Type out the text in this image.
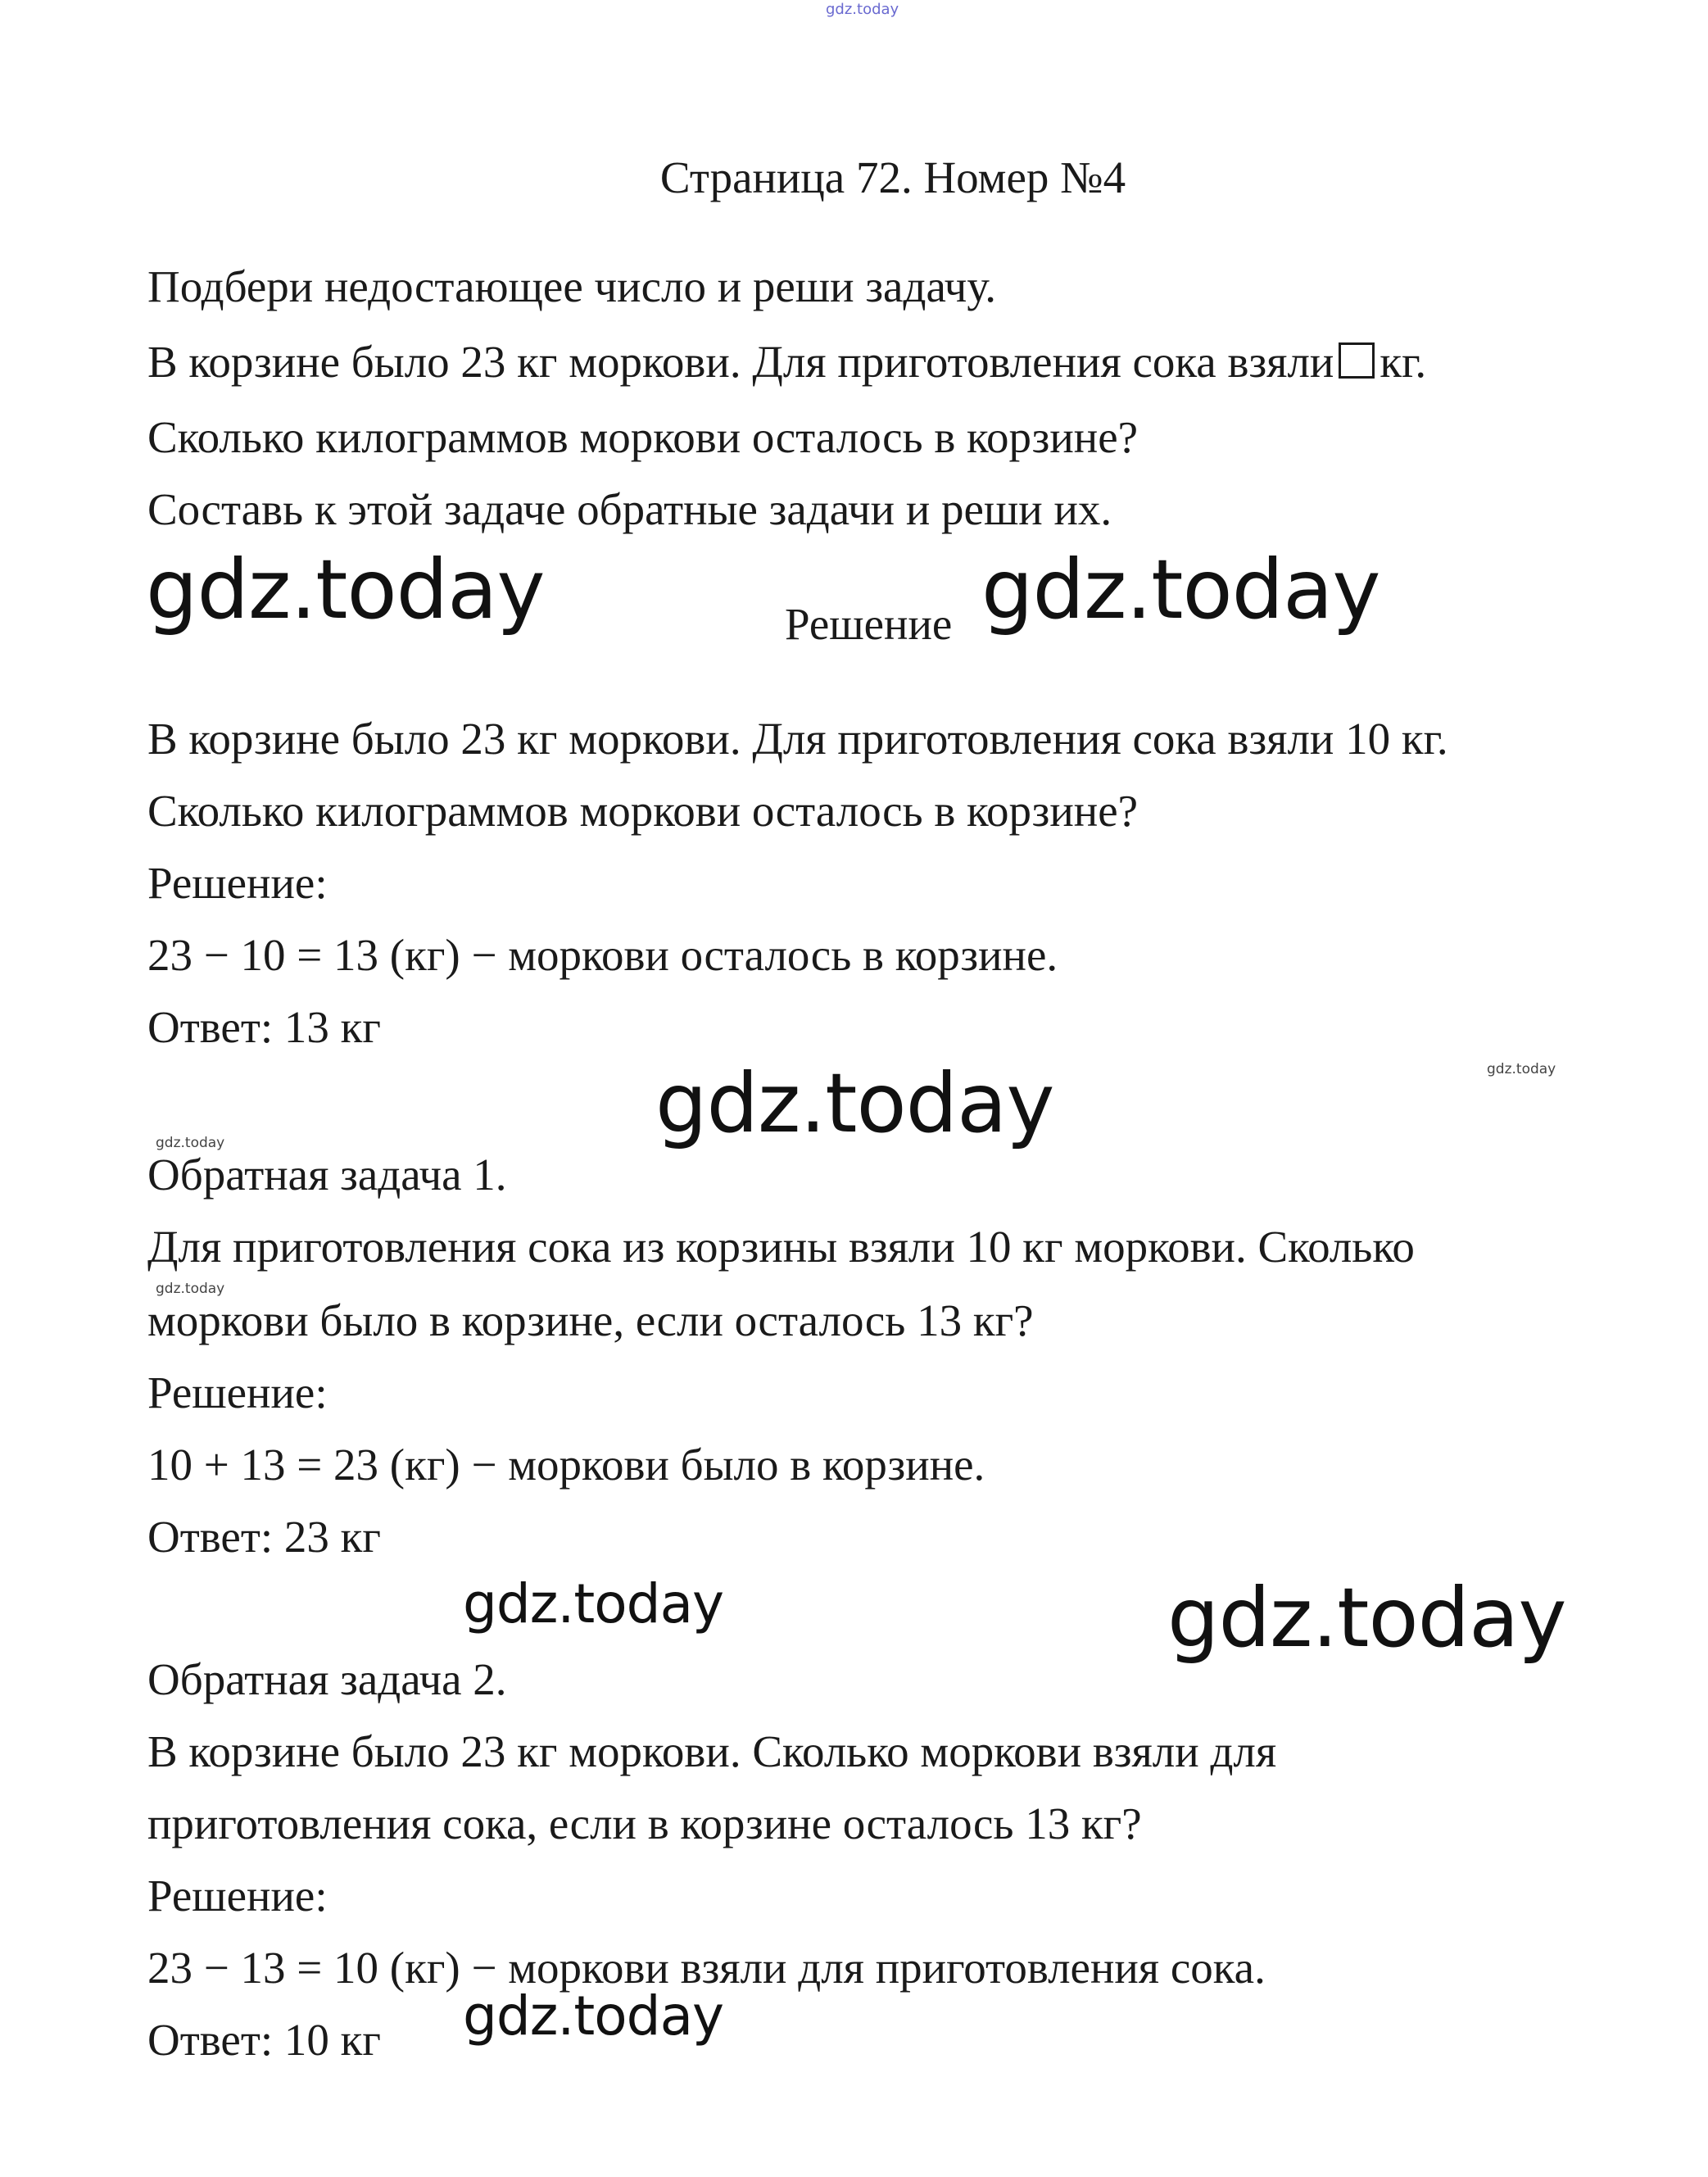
gdz.today
Страница 72. Номер №4
Подбери недостающее число и реши задачу.
В корзине было 23 кг моркови. Для приготовления сока взяли кг.
Сколько килограммов моркови осталось в корзине?
Составь к этой задаче обратные задачи и реши их.
gdz.today	Решение gdz.today
В корзине было 23 кг моркови. Для приготовления сока взяли 10 кг.
Сколько килограммов моркови осталось в корзине?
Решение:
23 − 10 = 13 (кг) − моркови осталось в корзине.
Ответ: 13 кг
gdz.today
gdz.today
gdz.today
Обратная задача 1.
Для приготовления сока из корзины взяли 10 кг моркови. Сколько
gdz.today
моркови было в корзине, если осталось 13 кг?
Решение:
10 + 13 = 23 (кг) − моркови было в корзине.
Ответ: 23 кг
gdz.today	gdz.today
Обратная задача 2.
В корзине было 23 кг моркови. Сколько моркови взяли для
приготовления сока, если в корзине осталось 13 кг?
Решение:
23 − 13 = 10 (кг) − моркови взяли для приготовления сока.
Ответ: 10 кг gdz.today
